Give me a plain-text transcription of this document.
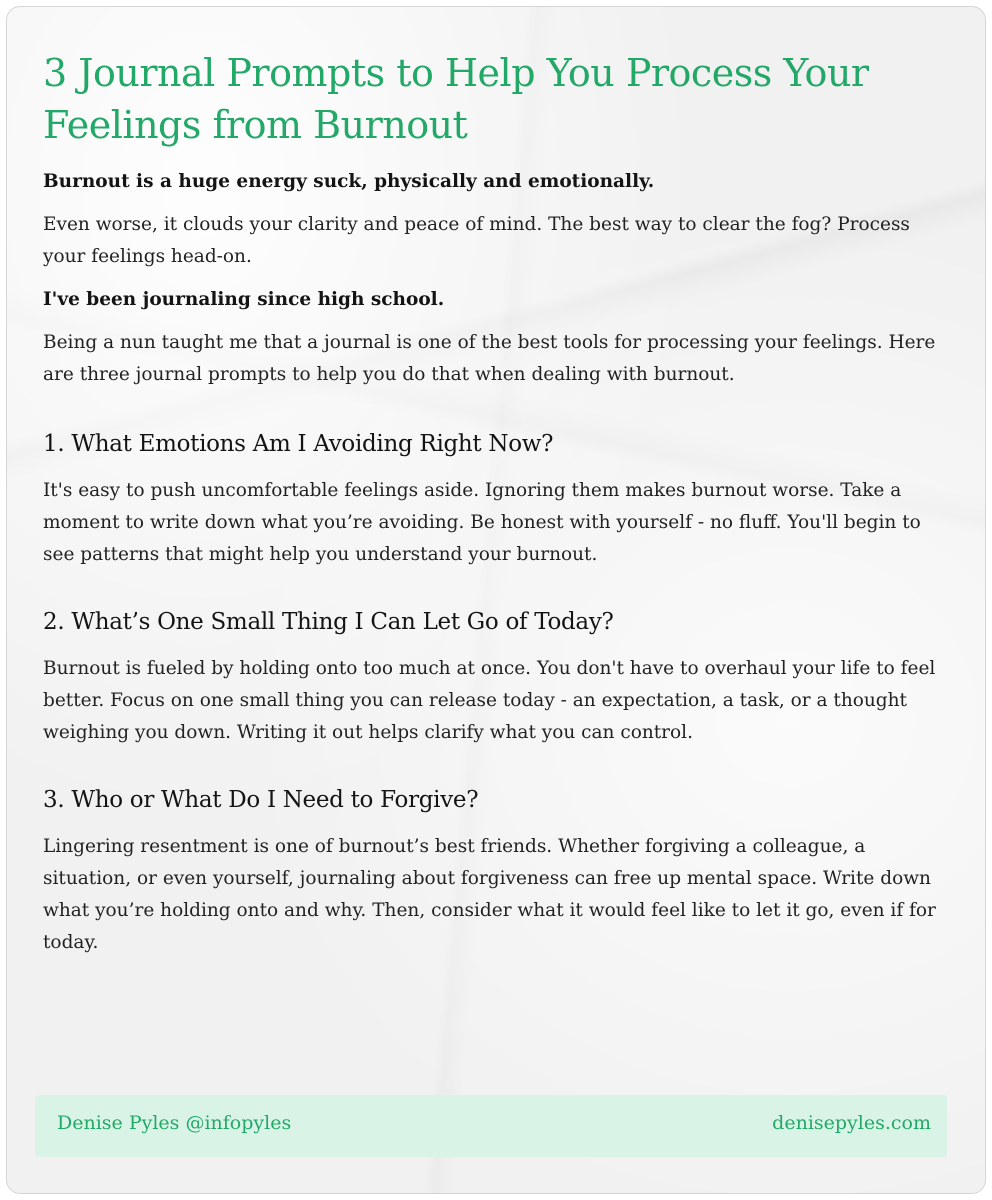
3 Journal Prompts to Help You Process Your Feelings from Burnout

Burnout is a huge energy suck, physically and emotionally.

Even worse, it clouds your clarity and peace of mind. The best way to clear the fog? Process your feelings head-on.

I've been journaling since high school.

Being a nun taught me that a journal is one of the best tools for processing your feelings. Here are three journal prompts to help you do that when dealing with burnout.

1. What Emotions Am I Avoiding Right Now?

It's easy to push uncomfortable feelings aside. Ignoring them makes burnout worse. Take a moment to write down what you’re avoiding. Be honest with yourself - no fluff. You'll begin to see patterns that might help you understand your burnout.

2. What’s One Small Thing I Can Let Go of Today?

Burnout is fueled by holding onto too much at once. You don't have to overhaul your life to feel better. Focus on one small thing you can release today - an expectation, a task, or a thought weighing you down. Writing it out helps clarify what you can control.

3. Who or What Do I Need to Forgive?

Lingering resentment is one of burnout’s best friends. Whether forgiving a colleague, a situation, or even yourself, journaling about forgiveness can free up mental space. Write down what you’re holding onto and why. Then, consider what it would feel like to let it go, even if for today.

Denise Pyles @infopyles	denisepyles.com
